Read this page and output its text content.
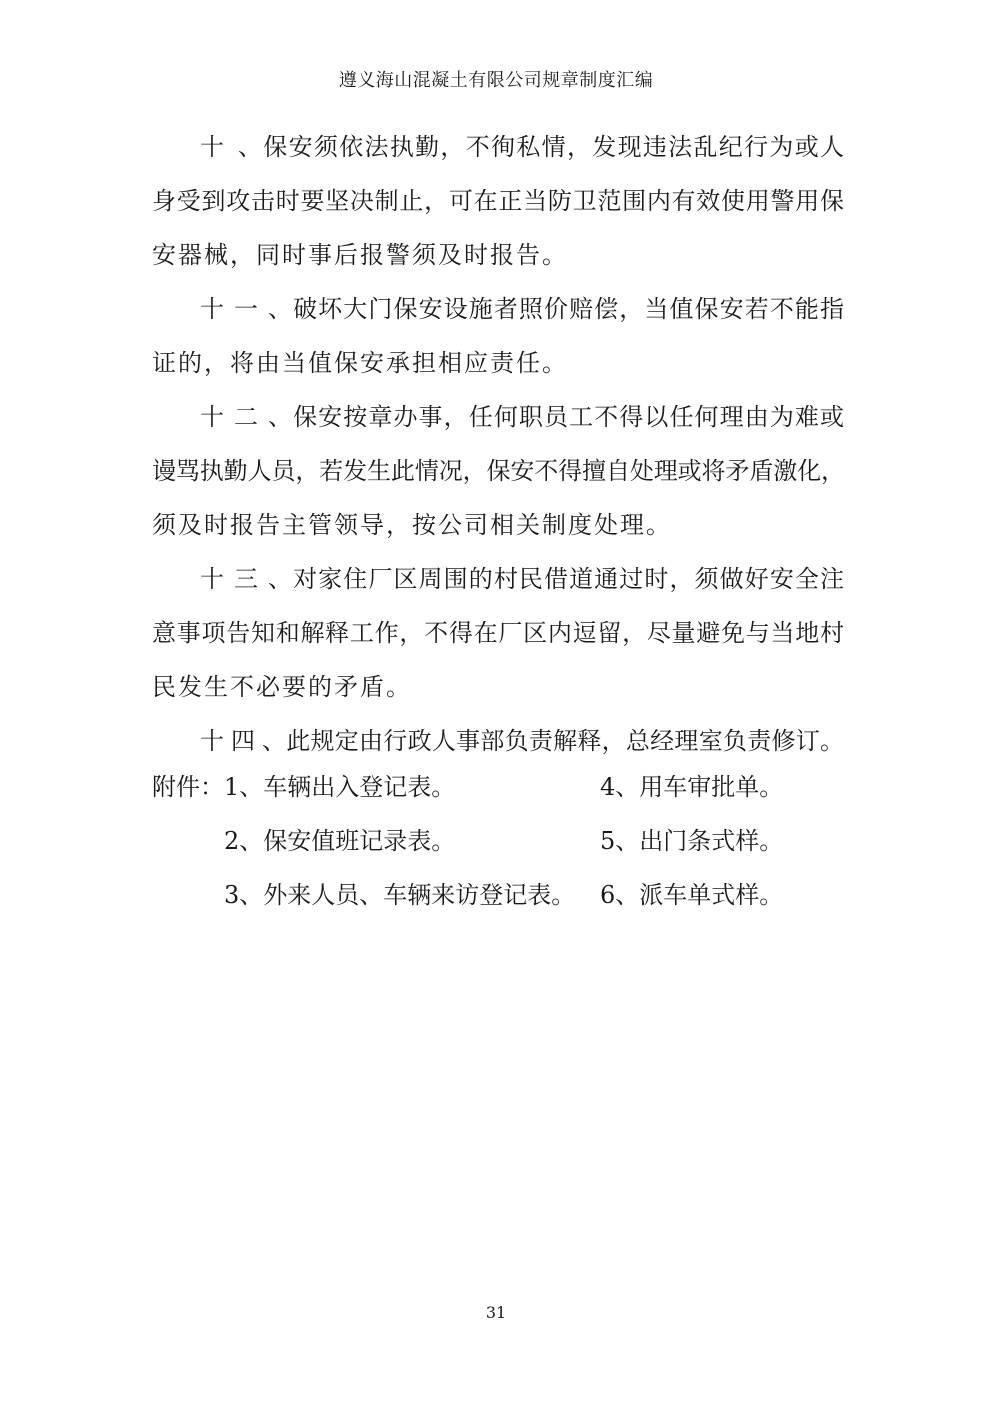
遵义海山混凝土有限公司规章制度汇编
十、保安须依法执勤，不徇私情，发现违法乱纪行为或人
身受到攻击时要坚决制止，可在正当防卫范围内有效使用警用保
安器械，同时事后报警须及时报告。
十一、破坏大门保安设施者照价赔偿，当值保安若不能指
证的，将由当值保安承担相应责任。
十二、保安按章办事，任何职员工不得以任何理由为难或
谩骂执勤人员，若发生此情况，保安不得擅自处理或将矛盾激化，
须及时报告主管领导，按公司相关制度处理。
十三、对家住厂区周围的村民借道通过时，须做好安全注
意事项告知和解释工作，不得在厂区内逗留，尽量避免与当地村
民发生不必要的矛盾。
十四、此规定由行政人事部负责解释，总经理室负责修订。
附件： 1、车辆出入登记表。	4、用车审批单。
2、保安值班记录表。	5、出门条式样。
3、外来人员、车辆来访登记表。 6、派车单式样。
31
